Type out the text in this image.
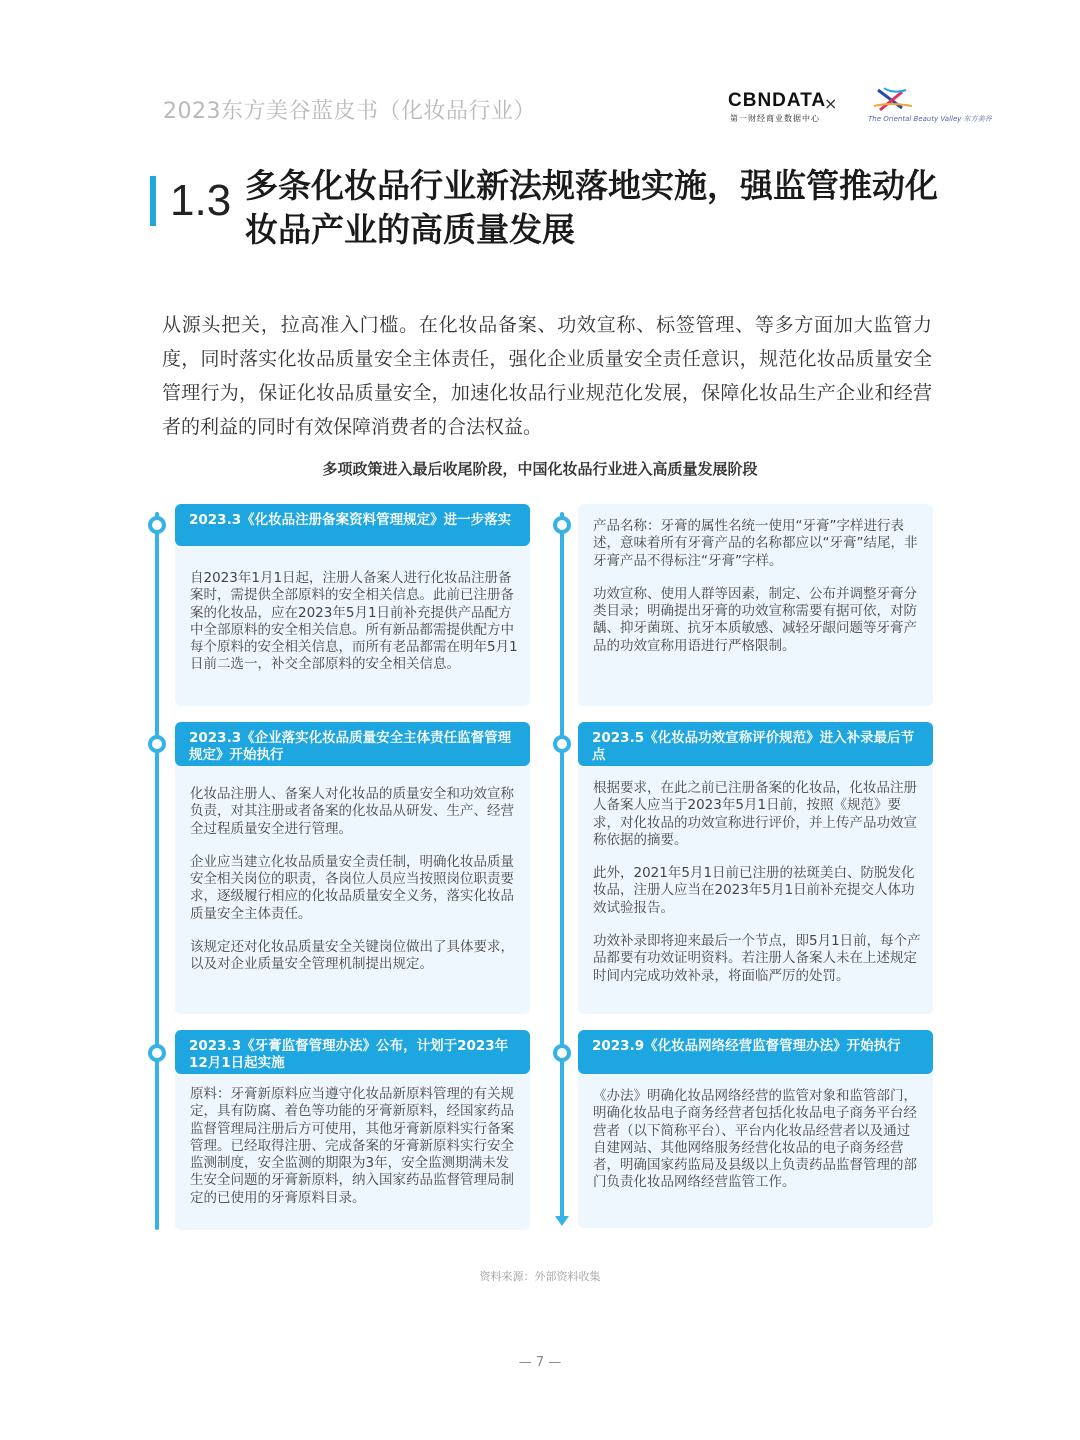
2023东方美谷蓝皮书（化妆品行业）	CBNDATA
第一财经商业数据中心
×
The Oriental Beauty Valley 东方美谷
1.3 多条化妆品行业新法规落地实施，强监管推动化妆品产业的高质量发展
从源头把关，拉高准入门槛。在化妆品备案、功效宣称、标签管理、等多方面加大监管力度，同时落实化妆品质量安全主体责任，强化企业质量安全责任意识，规范化妆品质量安全管理行为，保证化妆品质量安全，加速化妆品行业规范化发展，保障化妆品生产企业和经营者的利益的同时有效保障消费者的合法权益。
多项政策进入最后收尾阶段，中国化妆品行业进入高质量发展阶段
2023.3《化妆品注册备案资料管理规定》进一步落实

自2023年1月1日起，注册人备案人进行化妆品注册备案时，需提供全部原料的安全相关信息。此前已注册备案的化妆品，应在2023年5月1日前补充提供产品配方中全部原料的安全相关信息。所有新品都需提供配方中每个原料的安全相关信息，而所有老品都需在明年5月1日前二选一，补交全部原料的安全相关信息。

2023.3《企业落实化妆品质量安全主体责任监督管理规定》开始执行

化妆品注册人、备案人对化妆品的质量安全和功效宣称负责，对其注册或者备案的化妆品从研发、生产、经营全过程质量安全进行管理。

企业应当建立化妆品质量安全责任制，明确化妆品质量安全相关岗位的职责，各岗位人员应当按照岗位职责要求，逐级履行相应的化妆品质量安全义务，落实化妆品质量安全主体责任。

该规定还对化妆品质量安全关键岗位做出了具体要求，以及对企业质量安全管理机制提出规定。

2023.3《牙膏监督管理办法》公布，计划于2023年12月1日起实施

原料：牙膏新原料应当遵守化妆品新原料管理的有关规定，具有防腐、着色等功能的牙膏新原料，经国家药品监督管理局注册后方可使用，其他牙膏新原料实行备案管理。已经取得注册、完成备案的牙膏新原料实行安全监测制度，安全监测的期限为3年，安全监测期满未发生安全问题的牙膏新原料，纳入国家药品监督管理局制定的已使用的牙膏原料目录。

产品名称：牙膏的属性名统一使用“牙膏”字样进行表述，意味着所有牙膏产品的名称都应以“牙膏”结尾，非牙膏产品不得标注“牙膏”字样。

功效宣称、使用人群等因素，制定、公布并调整牙膏分类目录；明确提出牙膏的功效宣称需要有据可依，对防龋、抑牙菌斑、抗牙本质敏感、减轻牙龈问题等牙膏产品的功效宣称用语进行严格限制。

2023.5《化妆品功效宣称评价规范》进入补录最后节点

根据要求，在此之前已注册备案的化妆品，化妆品注册人备案人应当于2023年5月1日前，按照《规范》要求，对化妆品的功效宣称进行评价，并上传产品功效宣称依据的摘要。

此外，2021年5月1日前已注册的祛斑美白、防脱发化妆品，注册人应当在2023年5月1日前补充提交人体功效试验报告。

功效补录即将迎来最后一个节点，即5月1日前，每个产品都要有功效证明资料。若注册人备案人未在上述规定时间内完成功效补录，将面临严厉的处罚。

2023.9《化妆品网络经营监督管理办法》开始执行

《办法》明确化妆品网络经营的监管对象和监管部门，明确化妆品电子商务经营者包括化妆品电子商务平台经营者（以下简称平台）、平台内化妆品经营者以及通过自建网站、其他网络服务经营化妆品的电子商务经营者，明确国家药监局及县级以上负责药品监督管理的部门负责化妆品网络经营监管工作。

资料来源：外部资料收集
— 7 —
